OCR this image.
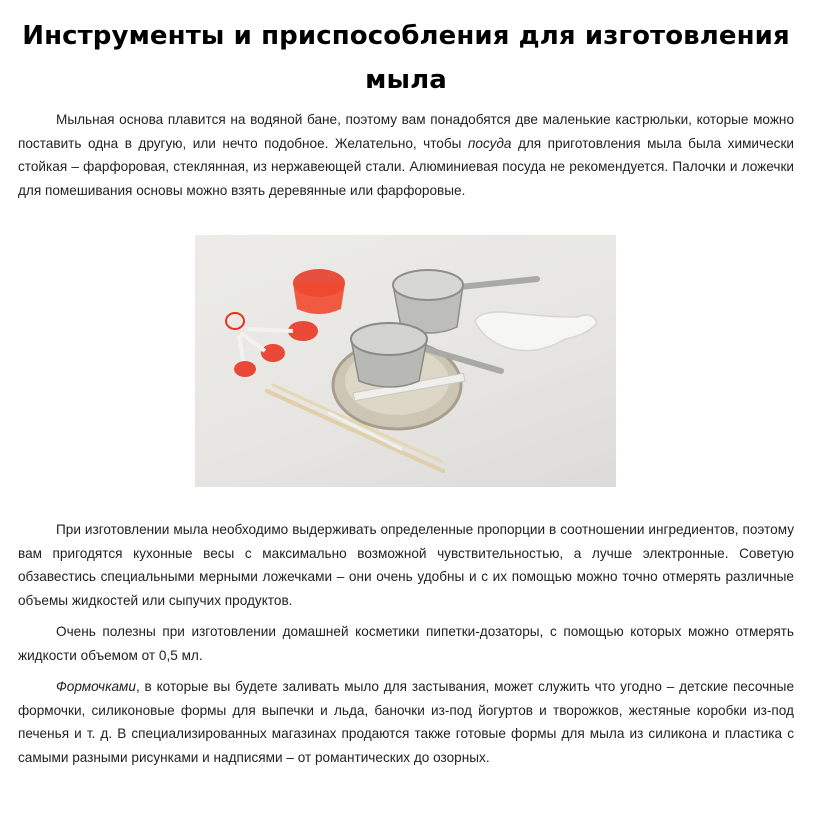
Инструменты и приспособления для изготовления мыла

Мыльная основа плавится на водяной бане, поэтому вам понадобятся две маленькие кастрюльки, которые можно поставить одна в другую, или нечто подобное. Желательно, чтобы посуда для приготовления мыла была химически стойкая – фарфоровая, стеклянная, из нержавеющей стали. Алюминиевая посуда не рекомендуется. Палочки и ложечки для помешивания основы можно взять деревянные или фарфоровые.

При изготовлении мыла необходимо выдерживать определенные пропорции в соотношении ингредиентов, поэтому вам пригодятся кухонные весы с максимально возможной чувствительностью, а лучше электронные. Советую обзавестись специальными мерными ложечками – они очень удобны и с их помощью можно точно отмерять различные объемы жидкостей или сыпучих продуктов.

Очень полезны при изготовлении домашней косметики пипетки-дозаторы, с помощью которых можно отмерять жидкости объемом от 0,5 мл.

Формочками, в которые вы будете заливать мыло для застывания, может служить что угодно – детские песочные формочки, силиконовые формы для выпечки и льда, баночки из-под йогуртов и творожков, жестяные коробки из-под печенья и т. д. В специализированных магазинах продаются также готовые формы для мыла из силикона и пластика с самыми разными рисунками и надписями – от романтических до озорных.
